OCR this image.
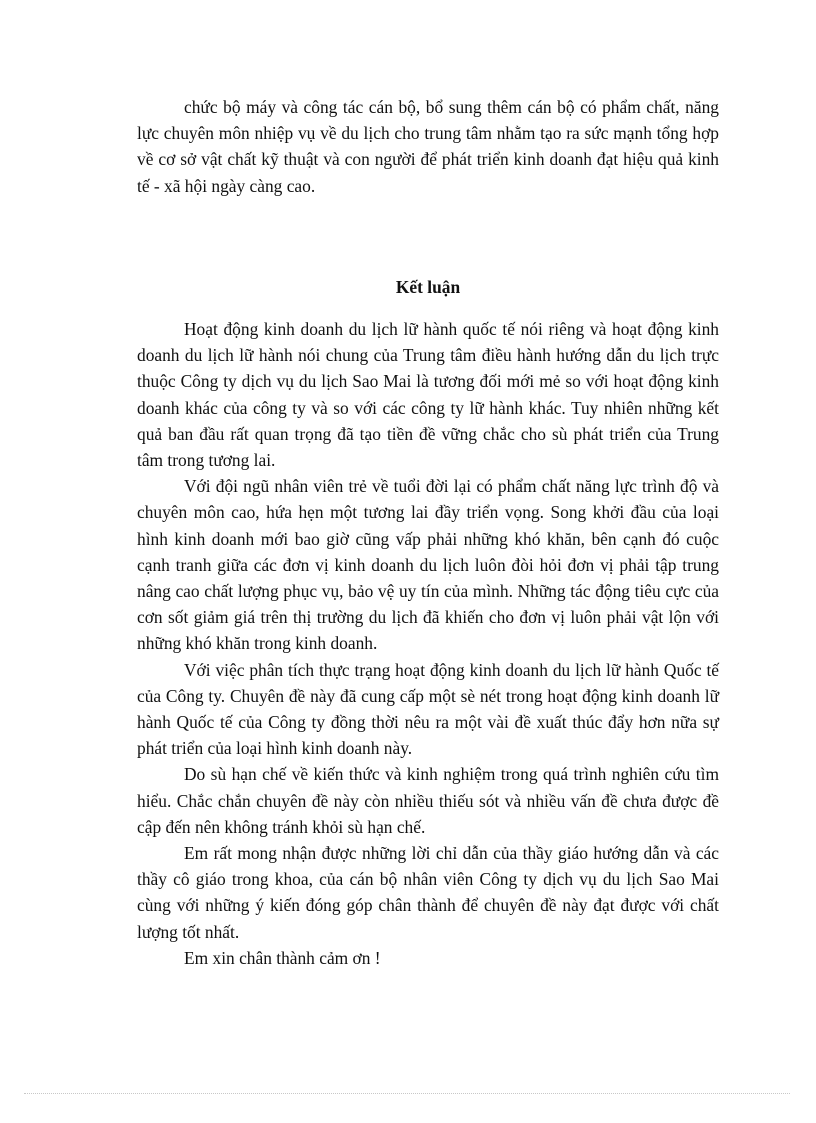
chức bộ máy và công tác cán bộ, bổ sung thêm cán bộ có phẩm chất, năng lực chuyên môn nhiệp vụ về du lịch cho trung tâm nhằm tạo ra sức mạnh tổng hợp về cơ sở vật chất kỹ thuật và con người để phát triển kinh doanh đạt hiệu quả kinh tế - xã hội ngày càng cao.

Kết luận

Hoạt động kinh doanh du lịch lữ hành quốc tế nói riêng và hoạt động kinh doanh du lịch lữ hành nói chung của Trung tâm điều hành hướng dẫn du lịch trực thuộc Công ty dịch vụ du lịch Sao Mai là tương đối mới mẻ so với hoạt động kinh doanh khác của công ty và so với các công ty lữ hành khác. Tuy nhiên những kết quả ban đầu rất quan trọng đã tạo tiền đề vững chắc cho sù phát triển của Trung tâm trong tương lai.

Với đội ngũ nhân viên trẻ về tuổi đời lại có phẩm chất năng lực trình độ và chuyên môn cao, hứa hẹn một tương lai đầy triển vọng. Song khởi đầu của loại hình kinh doanh mới bao giờ cũng vấp phải những khó khăn, bên cạnh đó cuộc cạnh tranh giữa các đơn vị kinh doanh du lịch luôn đòi hỏi đơn vị phải tập trung nâng cao chất lượng phục vụ, bảo vệ uy tín của mình. Những tác động tiêu cực của cơn sốt giảm giá trên thị trường du lịch đã khiến cho đơn vị luôn phải vật lộn với những khó khăn trong kinh doanh.

Với việc phân tích thực trạng hoạt động kinh doanh du lịch lữ hành Quốc tế của Công ty. Chuyên đề này đã cung cấp một sè nét trong hoạt động kinh doanh lữ hành Quốc tế của Công ty đồng thời nêu ra một vài đề xuất thúc đẩy hơn nữa sự phát triển của loại hình kinh doanh này.

Do sù hạn chế về kiến thức và kinh nghiệm trong quá trình nghiên cứu tìm hiểu. Chắc chắn chuyên đề này còn nhiều thiếu sót và nhiều vấn đề chưa được đề cập đến nên không tránh khỏi sù hạn chế.

Em rất mong nhận được những lời chỉ dẫn của thầy giáo hướng dẫn và các thầy cô giáo trong khoa, của cán bộ nhân viên Công ty dịch vụ du lịch Sao Mai cùng với những ý kiến đóng góp chân thành để chuyên đề này đạt được với chất lượng tốt nhất.

Em xin chân thành cảm ơn !
